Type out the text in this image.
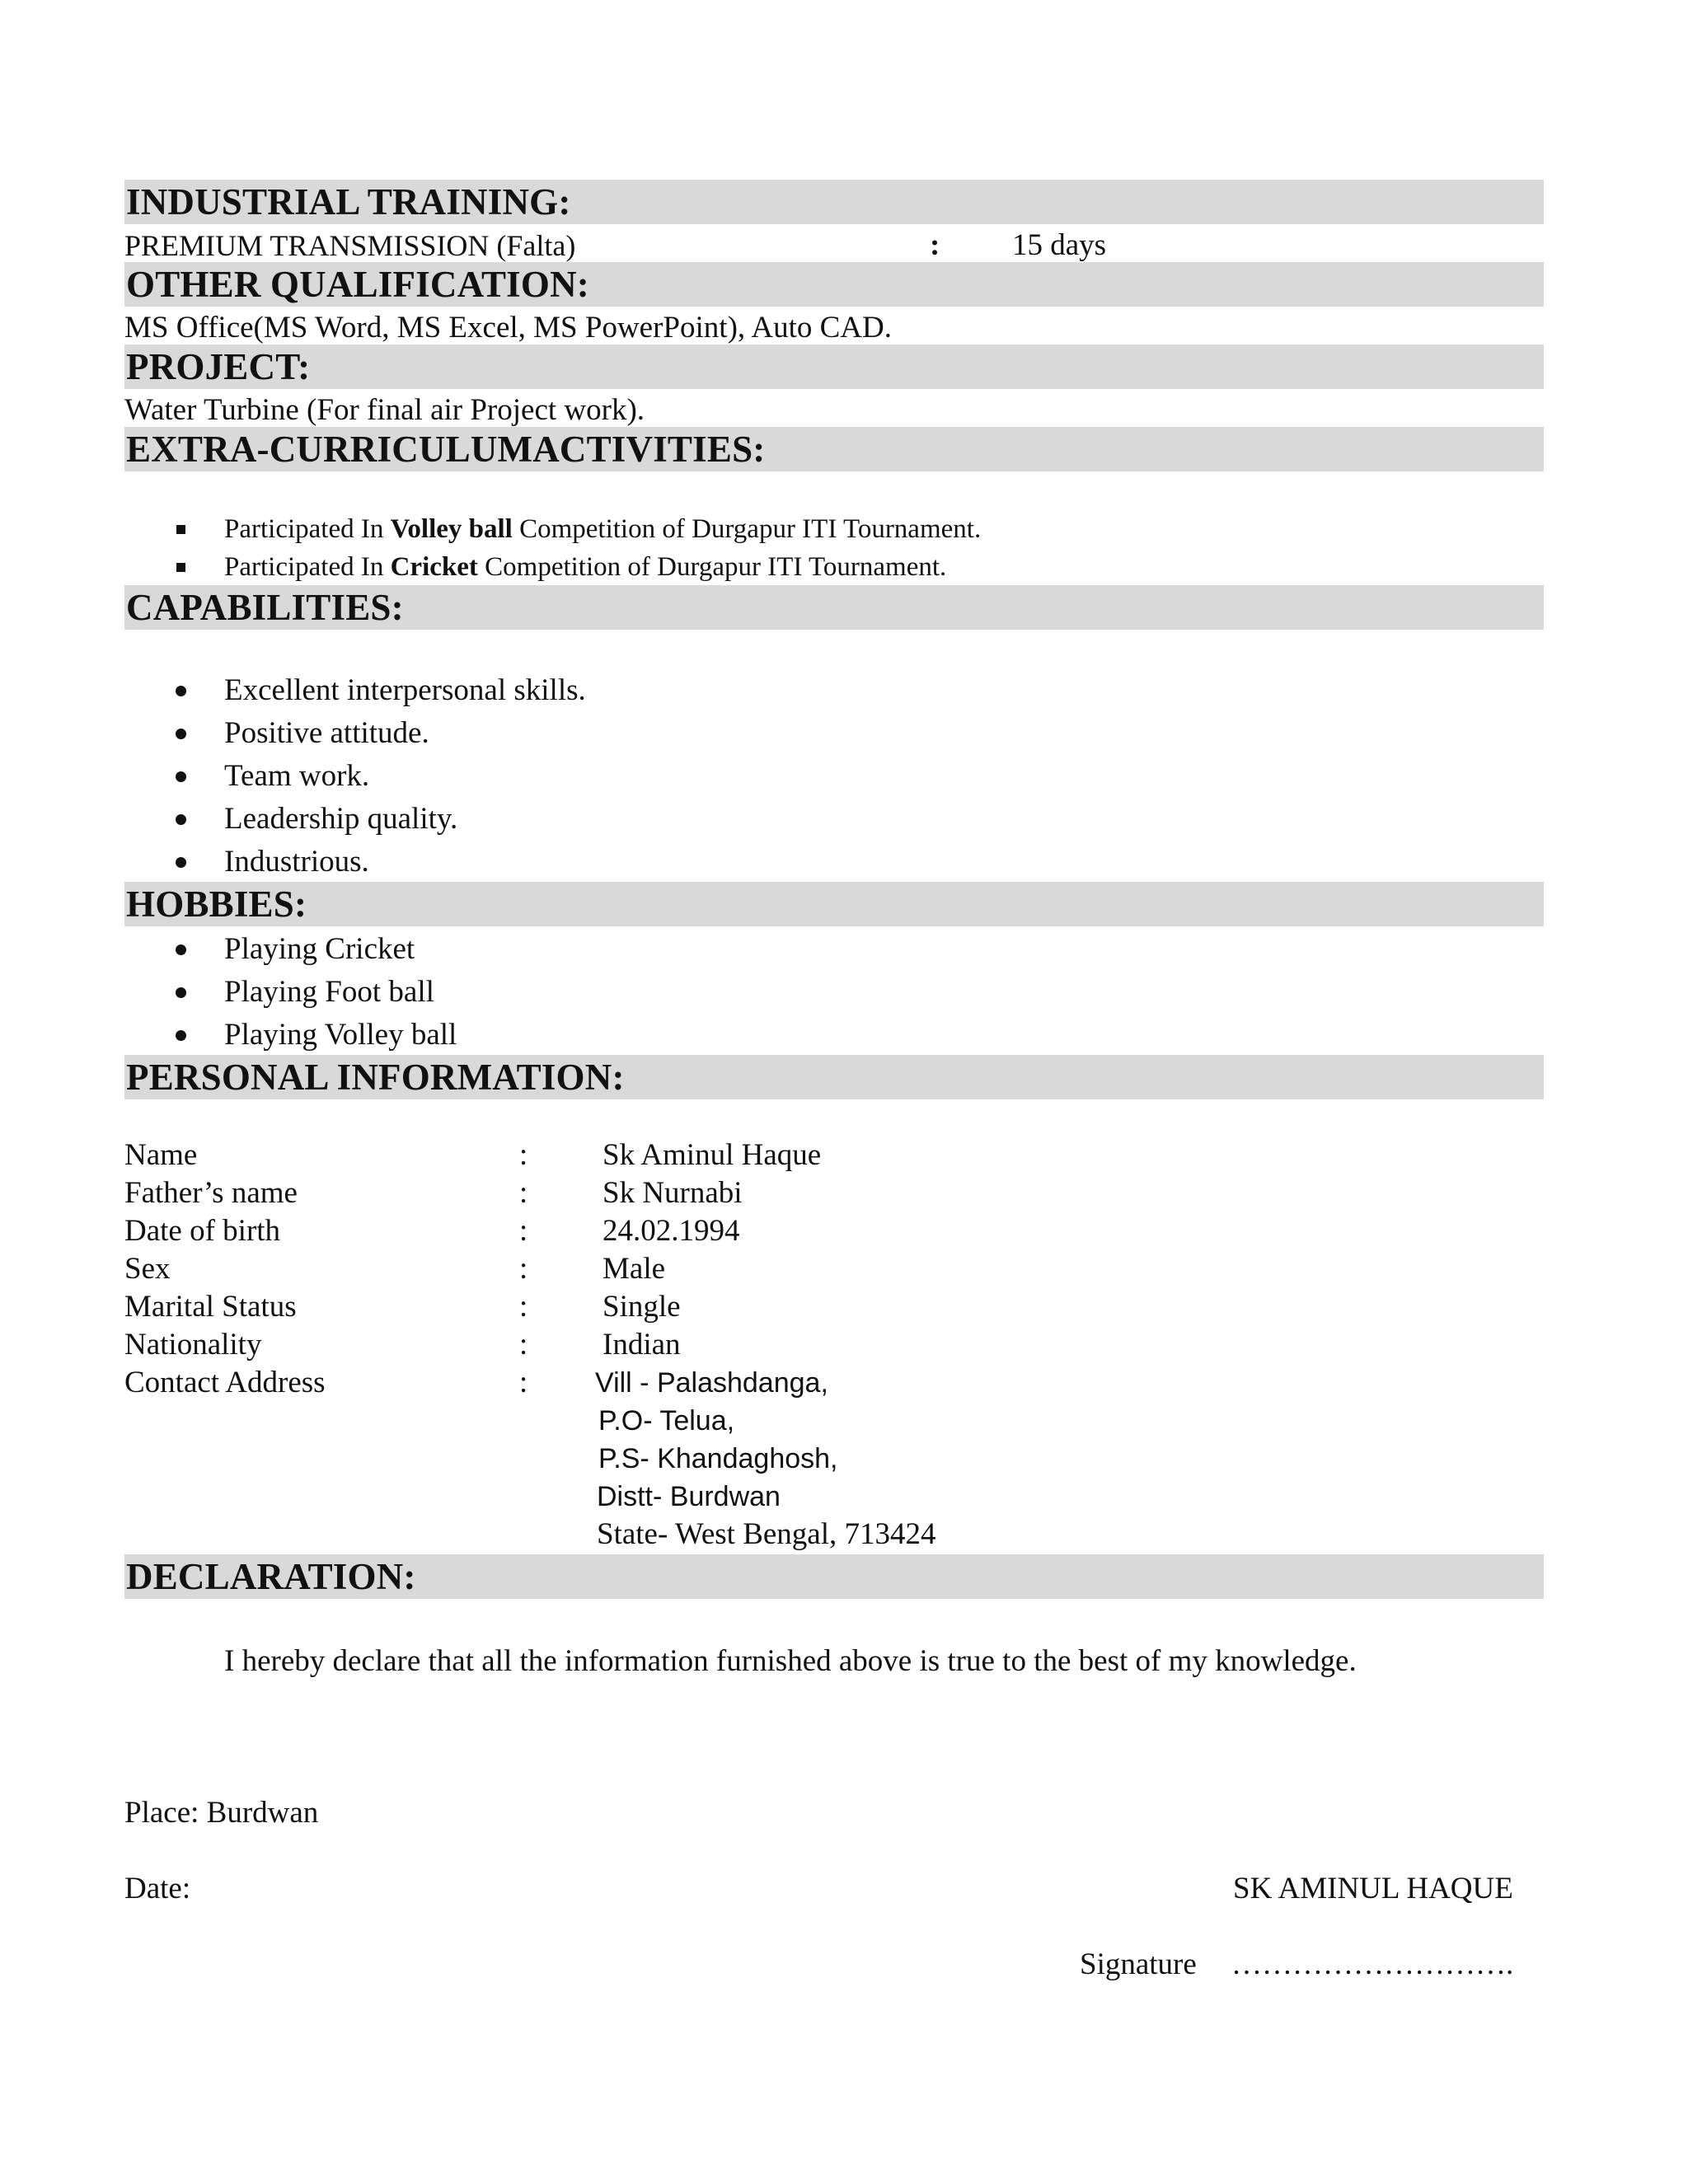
INDUSTRIAL TRAINING:
PREMIUM TRANSMISSION (Falta)	: 15 days
OTHER QUALIFICATION:
MS Office(MS Word, MS Excel, MS PowerPoint), Auto CAD.
PROJECT:
Water Turbine (For final air Project work).
EXTRA-CURRICULUMACTIVITIES:
Participated In Volley ball Competition of Durgapur ITI Tournament.
Participated In Cricket Competition of Durgapur ITI Tournament.
CAPABILITIES:
Excellent interpersonal skills.
Positive attitude.
Team work.
Leadership quality.
Industrious.
HOBBIES:
Playing Cricket
Playing Foot ball
Playing Volley ball
PERSONAL INFORMATION:
Name	: Sk Aminul Haque
Father’s name	: Sk Nurnabi
Date of birth	: 24.02.1994
Sex	: Male
Marital Status	: Single
Nationality	: Indian
Contact Address	: Vill - Palashdanga,
P.O- Telua,
P.S- Khandaghosh,
Distt- Burdwan
State- West Bengal, 713424
DECLARATION:
I hereby declare that all the information furnished above is true to the best of my knowledge.
Place: Burdwan
Date:	SK AMINUL HAQUE
Signature ……………………….
